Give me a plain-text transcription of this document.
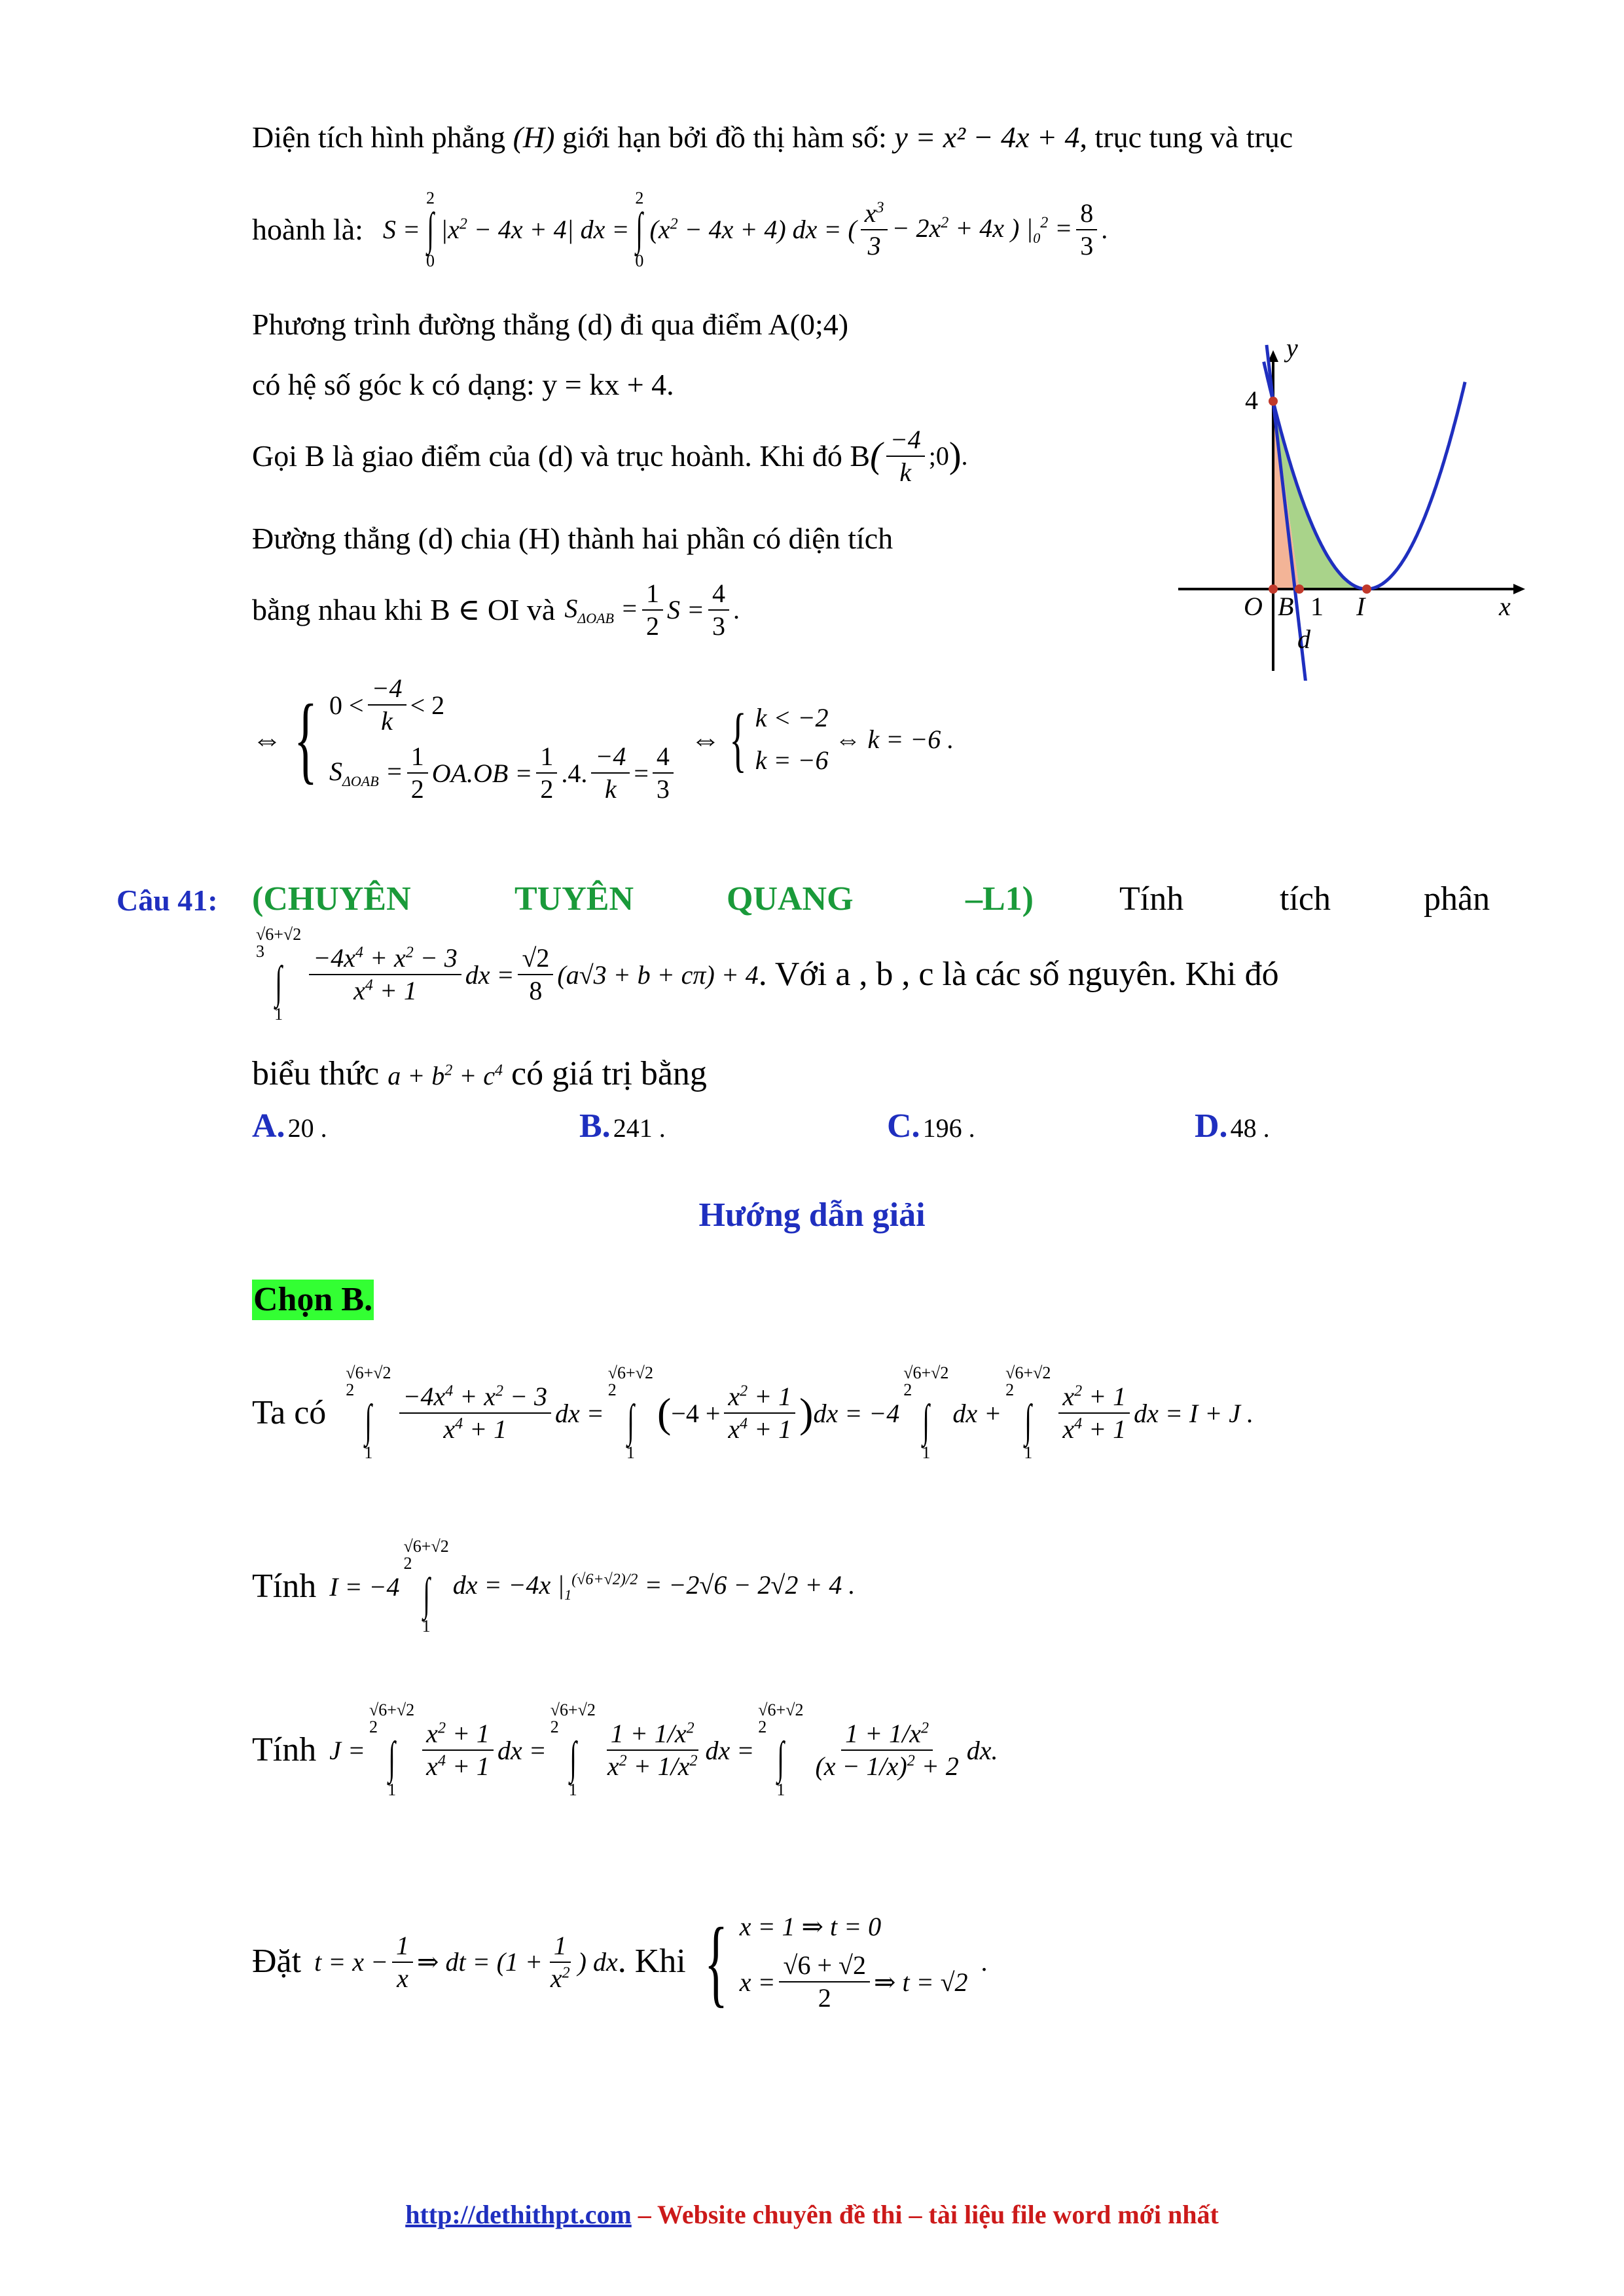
Diện tích hình phẳng (H) giới hạn bởi đồ thị hàm số: y = x² − 4x + 4, trục tung và trục
hoành là: S =
2
∫
0
$|x^2 - 4x + 4|$ dx =
2
∫
0
$(x^2 - 4x + 4)$ dx = ( $\frac{x^3}{3} - 2x^2 + 4x$ ) $|_0^2 = \frac{8}{3}$ .
Phương trình đường thẳng (d) đi qua điểm A(0;4)
có hệ số góc k có dạng: y = kx + 4.
Gọi B là giao điểm của (d) và trục hoành. Khi đó B ( $\frac{-4}{k}$ ;0 ) .
Đường thẳng (d) chia (H) thành hai phần có diện tích
bằng nhau khi B ∈ OI và $S_{\Delta OAB} = \frac{1}{2}$ $S = \frac{4}{3}$ .
⇔ { $0 < \frac{-4}{k} < 2$
$S_{\Delta OAB} = \frac{1}{2} OA.OB = \frac{1}{2} .4$. $\frac{-4}{k} = \frac{4}{3}$
⇔ { k < −2
k = −6
⇔ k = −6 .
y
x
4
O B 1 I
d
Câu 41: (CHUYÊN	TUYÊN	QUANG	–L1)	Tính	tích	phân
√6+√2
3
∫
1
$\frac{-4x^4 + x^2 - 3}{x^4 + 1}$ dx = $\frac{√2}{8} (a√3 + b + c\pi) + 4$ . Với a , b , c là các số nguyên. Khi đó
biểu thức $a + b^2 + c^4$ có giá trị bằng
A. 20 .	B. 241 .	C. 196 .	D. 48 .
Hướng dẫn giải
Chọn B.
Ta có
√6+√2
2
∫
1
$\frac{-4x^4 + x^2 - 3}{x^4 + 1}$ dx =
√6+√2
2
∫
1
( $-4 + \frac{x^2 + 1}{x^4 + 1}$ ) dx = −4
√6+√2
2
∫
1
dx +
√6+√2
2
∫
1
$\frac{x^2 + 1}{x^4 + 1}$ dx = I + J .
Tính I = −4
√6+√2
2
∫
1
dx = −4x $|_1^{(√6+√2)/2} = -2√6 - 2√2 + 4$ .
Tính J =
√6+√2
2
∫
1
$\frac{x^2 + 1}{x^4 + 1}$ dx =
√6+√2
2
∫
1
$\frac{1 + 1/x^2}{x^2 + 1/x^2}$ dx =
√6+√2
2
∫
1
$\frac{1 + 1/x^2}{(x - 1/x)^2 + 2}$ dx.
Đặt $t = x - \frac{1}{x}$ ⇒ dt = ($1 + \frac{1}{x^2}$ ) dx . Khi { x = 1 ⇒ t = 0
$x = \frac{√6 + √2}{2}$ ⇒ t = √2
.
http://dethithpt.com – Website chuyên đề thi – tài liệu file word mới nhất
